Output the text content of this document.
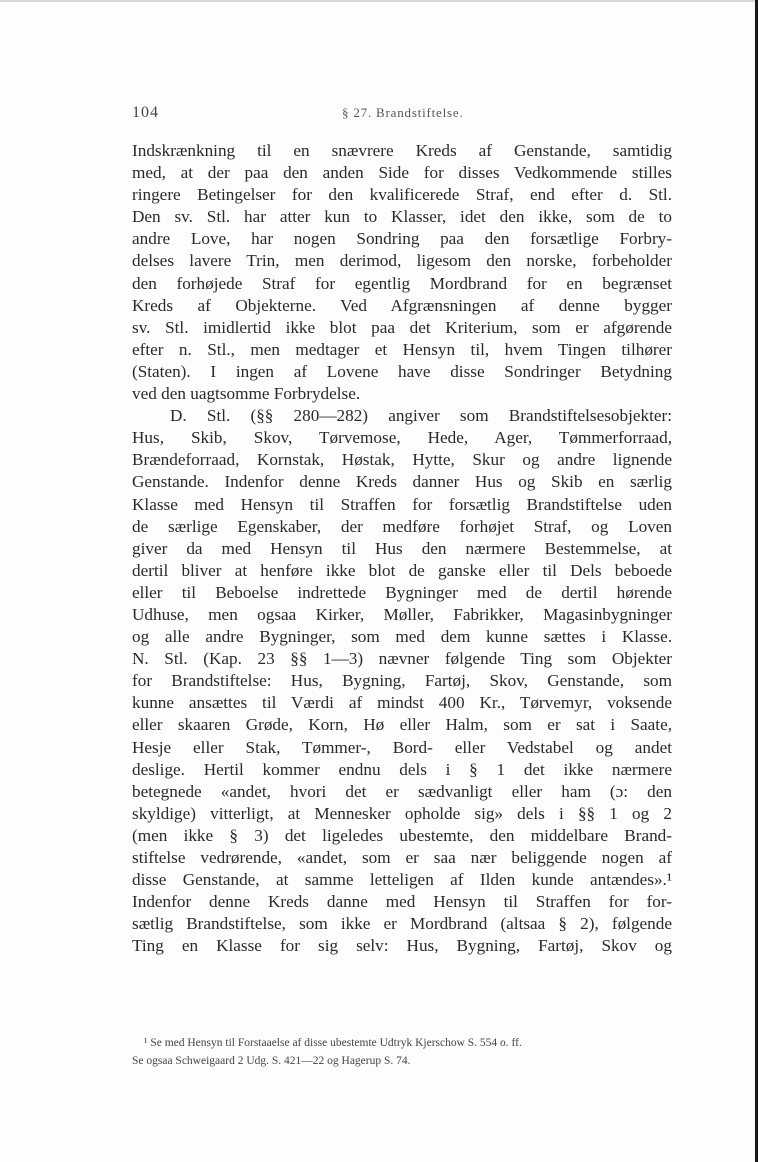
104	§ 27. Brandstiftelse.
Indskrænkning til en snævrere Kreds af Genstande, samtidig
med, at der paa den anden Side for disses Vedkommende stilles
ringere Betingelser for den kvalificerede Straf, end efter d. Stl.
Den sv. Stl. har atter kun to Klasser, idet den ikke, som de to
andre Love, har nogen Sondring paa den forsætlige Forbry-
delses lavere Trin, men derimod, ligesom den norske, forbeholder
den forhøjede Straf for egentlig Mordbrand for en begrænset
Kreds af Objekterne. Ved Afgrænsningen af denne bygger
sv. Stl. imidlertid ikke blot paa det Kriterium, som er afgørende
efter n. Stl., men medtager et Hensyn til, hvem Tingen tilhører
(Staten). I ingen af Lovene have disse Sondringer Betydning
ved den uagtsomme Forbrydelse.
D. Stl. (§§ 280—282) angiver som Brandstiftelsesobjekter:
Hus, Skib, Skov, Tørvemose, Hede, Ager, Tømmerforraad,
Brændeforraad, Kornstak, Høstak, Hytte, Skur og andre lignende
Genstande. Indenfor denne Kreds danner Hus og Skib en særlig
Klasse med Hensyn til Straffen for forsætlig Brandstiftelse uden
de særlige Egenskaber, der medføre forhøjet Straf, og Loven
giver da med Hensyn til Hus den nærmere Bestemmelse, at
dertil bliver at henføre ikke blot de ganske eller til Dels beboede
eller til Beboelse indrettede Bygninger med de dertil hørende
Udhuse, men ogsaa Kirker, Møller, Fabrikker, Magasinbygninger
og alle andre Bygninger, som med dem kunne sættes i Klasse.
N. Stl. (Kap. 23 §§ 1—3) nævner følgende Ting som Objekter
for Brandstiftelse: Hus, Bygning, Fartøj, Skov, Genstande, som
kunne ansættes til Værdi af mindst 400 Kr., Tørvemyr, voksende
eller skaaren Grøde, Korn, Hø eller Halm, som er sat i Saate,
Hesje eller Stak, Tømmer-, Bord- eller Vedstabel og andet
deslige. Hertil kommer endnu dels i § 1 det ikke nærmere
betegnede «andet, hvori det er sædvanligt eller ham (ɔ: den
skyldige) vitterligt, at Mennesker opholde sig» dels i §§ 1 og 2
(men ikke § 3) det ligeledes ubestemte, den middelbare Brand-
stiftelse vedrørende, «andet, som er saa nær beliggende nogen af
disse Genstande, at samme letteligen af Ilden kunde antændes».¹
Indenfor denne Kreds danne med Hensyn til Straffen for for-
sætlig Brandstiftelse, som ikke er Mordbrand (altsaa § 2), følgende
Ting en Klasse for sig selv: Hus, Bygning, Fartøj, Skov og
¹ Se med Hensyn til Forstaaelse af disse ubestemte Udtryk Kjerschow S. 554 o. ff.
Se ogsaa Schweigaard 2 Udg. S. 421—22 og Hagerup S. 74.
